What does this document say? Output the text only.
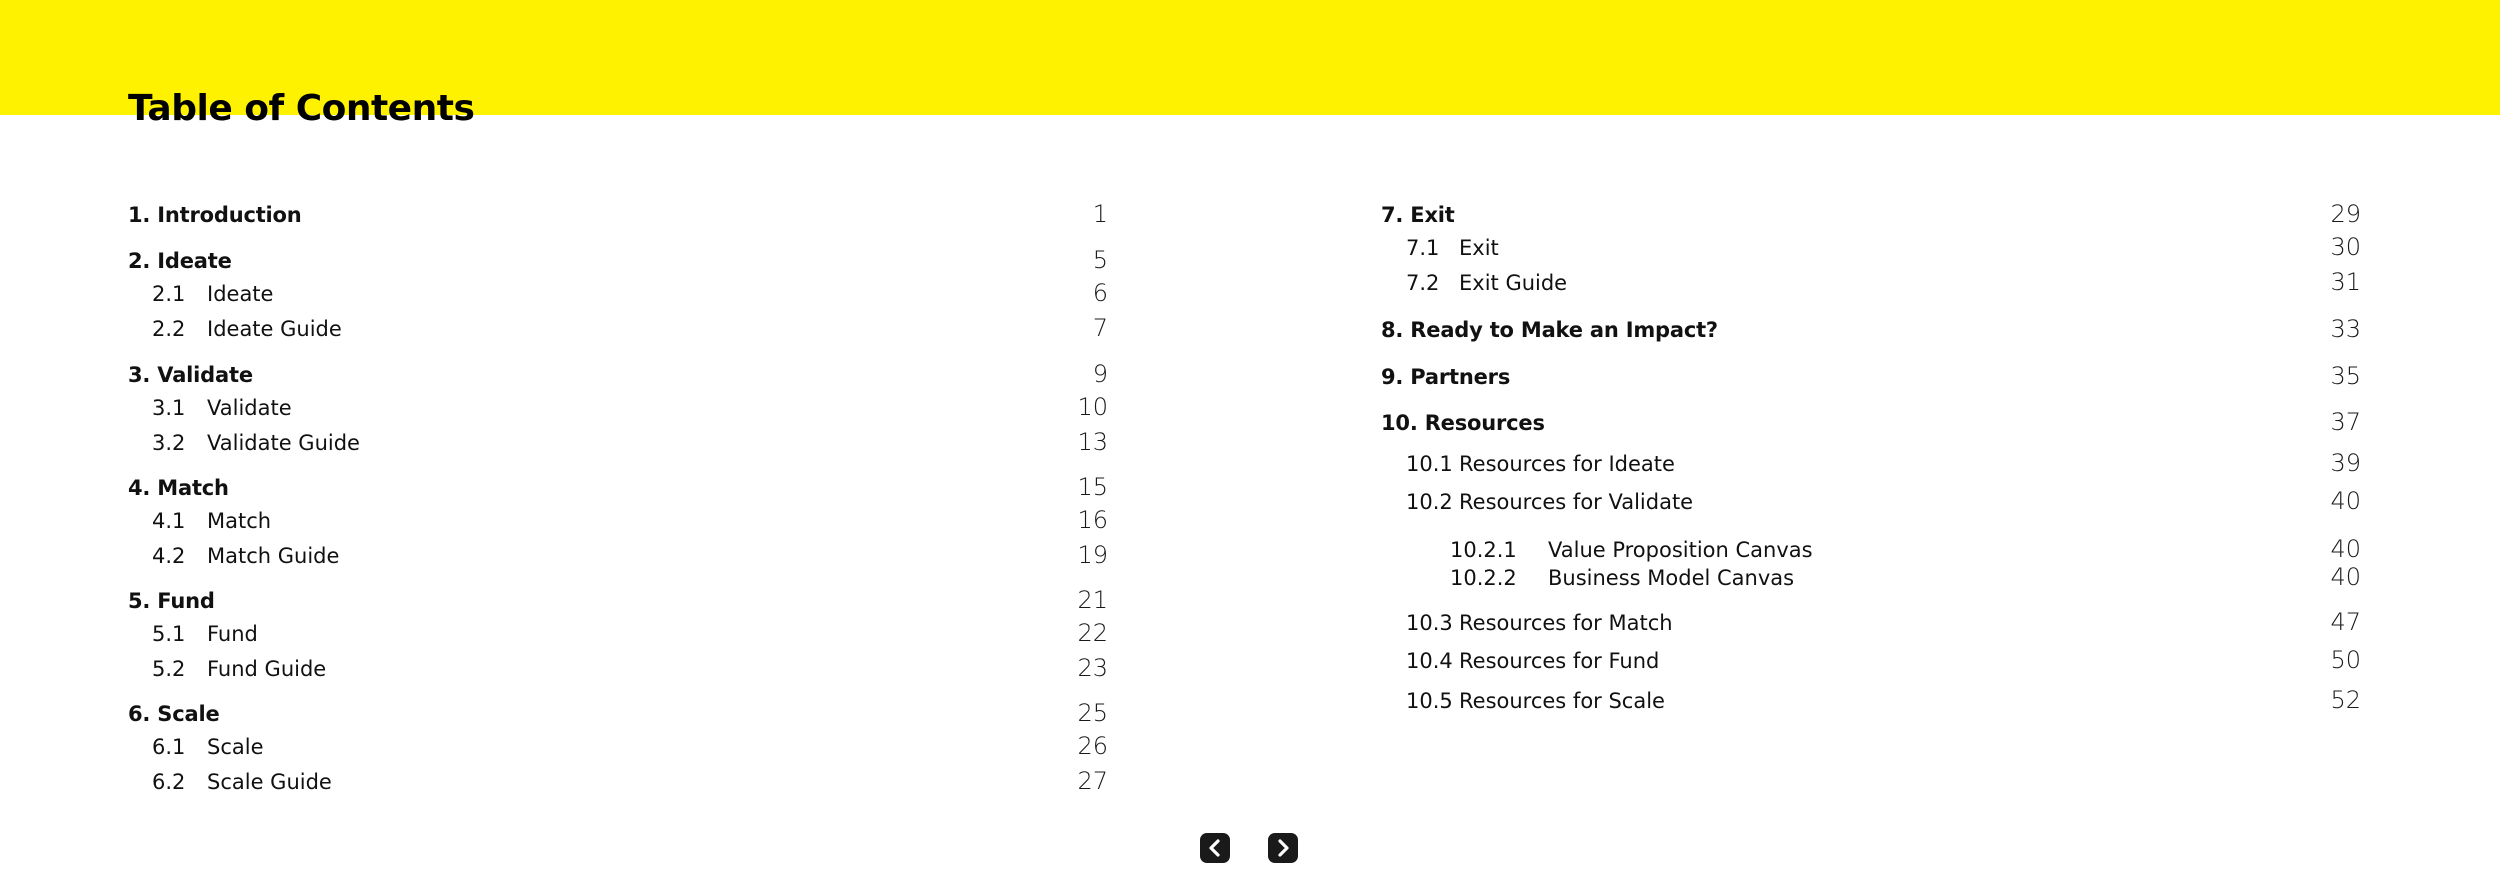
Table of Contents
1. Introduction	1
2. Ideate	5
2.1 Ideate	6
2.2 Ideate Guide	7
3. Validate	9
3.1 Validate	10
3.2 Validate Guide	13
4. Match	15
4.1 Match	16
4.2 Match Guide	19
5. Fund	21
5.1 Fund	22
5.2 Fund Guide	23
6. Scale	25
6.1 Scale	26
6.2 Scale Guide	27
7. Exit	29
7.1 Exit	30
7.2 Exit Guide	31
8. Ready to Make an Impact?	33
9. Partners	35
10. Resources	37
10.1 Resources for Ideate	39
10.2 Resources for Validate	40
10.2.1 Value Proposition Canvas	40
10.2.2 Business Model Canvas	40
10.3 Resources for Match	47
10.4 Resources for Fund	50
10.5 Resources for Scale	52
